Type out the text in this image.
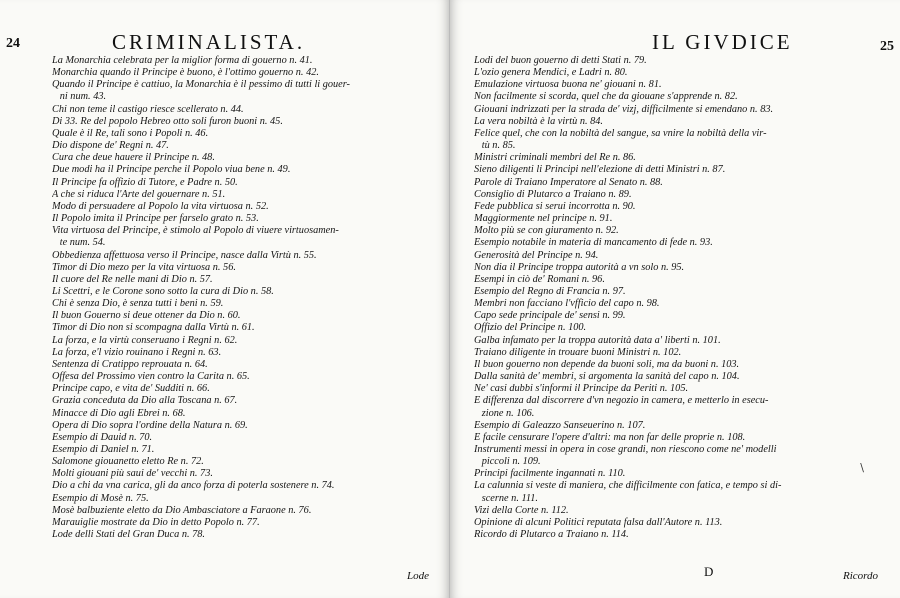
24	CRIMINALISTA.
La Monarchia celebrata per la miglior forma di gouerno n. 41.
Monarchia quando il Principe è buono, è l'ottimo gouerno n. 42.
Quando il Principe è cattiuo, la Monarchia è il pessimo di tutti li gouer-
ni num. 43.
Chi non teme il castigo riesce scellerato n. 44.
Di 33. Re del popolo Hebreo otto soli furon buoni n. 45.
Quale è il Re, tali sono i Popoli n. 46.
Dio dispone de' Regni n. 47.
Cura che deue hauere il Principe n. 48.
Due modi ha il Principe perche il Popolo viua bene n. 49.
Il Principe fa offizio di Tutore, e Padre n. 50.
A che si riduca l'Arte del gouernare n. 51.
Modo di persuadere al Popolo la vita virtuosa n. 52.
Il Popolo imita il Principe per farselo grato n. 53.
Vita virtuosa del Principe, è stimolo al Popolo di viuere virtuosamen-
te num. 54.
Obbedienza affettuosa verso il Principe, nasce dalla Virtù n. 55.
Timor di Dio mezo per la vita virtuosa n. 56.
Il cuore del Re nelle mani di Dio n. 57.
Li Scettri, e le Corone sono sotto la cura di Dio n. 58.
Chi è senza Dio, è senza tutti i beni n. 59.
Il buon Gouerno si deue ottener da Dio n. 60.
Timor di Dio non si scompagna dalla Virtù n. 61.
La forza, e la virtù conseruano i Regni n. 62.
La forza, e'l vizio rouinano i Regni n. 63.
Sentenza di Cratippo reprouata n. 64.
Offesa del Prossimo vien contro la Carita n. 65.
Principe capo, e vita de' Sudditi n. 66.
Grazia conceduta da Dio alla Toscana n. 67.
Minacce di Dio agli Ebrei n. 68.
Opera di Dio sopra l'ordine della Natura n. 69.
Esempio di Dauid n. 70.
Esempio di Daniel n. 71.
Salomone giouanetto eletto Re n. 72.
Molti giouani più saui de' vecchi n. 73.
Dio a chi da vna carica, gli da anco forza di poterla sostenere n. 74.
Esempio di Mosè n. 75.
Mosè balbuziente eletto da Dio Ambasciatore a Faraone n. 76.
Marauiglie mostrate da Dio in detto Popolo n. 77.
Lode delli Stati del Gran Duca n. 78.
Lode
IL GIVDICE	25
Lodi del buon gouerno di detti Stati n. 79.
L'ozio genera Mendici, e Ladri n. 80.
Emulazione virtuosa buona ne' giouani n. 81.
Non facilmente si scorda, quel che da giouane s'apprende n. 82.
Giouani indrizzati per la strada de' vizj, difficilmente si emendano n. 83.
La vera nobiltà è la virtù n. 84.
Felice quel, che con la nobiltà del sangue, sa vnire la nobiltà della vir-
tù n. 85.
Ministri criminali membri del Re n. 86.
Sieno diligenti li Principi nell'elezione di detti Ministri n. 87.
Parole di Traiano Imperatore al Senato n. 88.
Consiglio di Plutarco a Traiano n. 89.
Fede pubblica si serui incorrotta n. 90.
Maggiormente nel principe n. 91.
Molto più se con giuramento n. 92.
Esempio notabile in materia di mancamento di fede n. 93.
Generosità del Principe n. 94.
Non dia il Principe troppa autorità a vn solo n. 95.
Esempi in ciò de' Romani n. 96.
Esempio del Regno di Francia n. 97.
Membri non facciano l'vfficio del capo n. 98.
Capo sede principale de' sensi n. 99.
Offizio del Principe n. 100.
Galba infamato per la troppa autorità data a' liberti n. 101.
Traiano diligente in trouare buoni Ministri n. 102.
Il buon gouerno non depende da buoni soli, ma da buoni n. 103.
Dalla sanità de' membri, si argomenta la sanità del capo n. 104.
Ne' casi dubbi s'informi il Principe da Periti n. 105.
E differenza dal discorrere d'vn negozio in camera, e metterlo in esecu-
zione n. 106.
Esempio di Galeazzo Sanseuerino n. 107.
E facile censurare l'opere d'altri: ma non far delle proprie n. 108.
Instrumenti messi in opera in cose grandi, non riescono come ne' modelli
piccoli n. 109.
Principi facilmente ingannati n. 110.
La calunnia si veste di maniera, che difficilmente con fatica, e tempo si di-
scerne n. 111.
Vizi della Corte n. 112.
Opinione di alcuni Politici reputata falsa dall'Autore n. 113.
Ricordo di Plutarco a Traiano n. 114.
\
D	Ricordo
